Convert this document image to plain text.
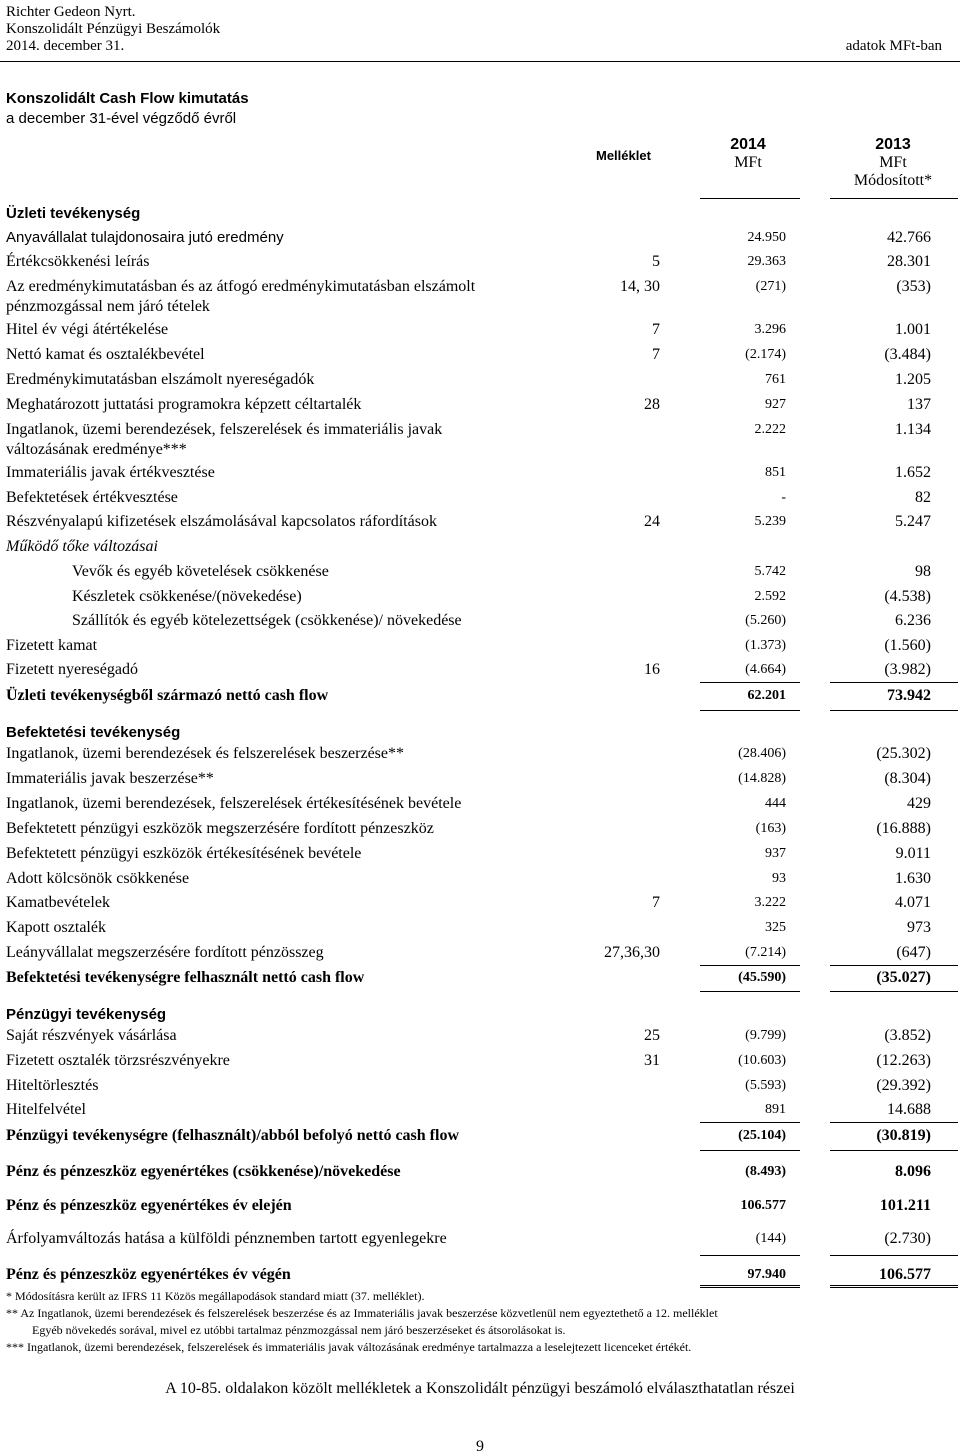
Richter Gedeon Nyrt.
Konszolidált Pénzügyi Beszámolók
2014. december 31.	adatok MFt-ban
Konszolidált Cash Flow kimutatás
a december 31-ével végződő évről
Melléklet
2014
MFt
2013
MFt
Módosított*
Üzleti tevékenység
Anyavállalat tulajdonosaira jutó eredmény	24.950	42.766
Értékcsökkenési leírás	5	29.363	28.301
Az eredménykimutatásban és az átfogó eredménykimutatásban elszámolt
pénzmozgással nem járó tételek
14, 30	(271)	(353)
Hitel év végi átértékelése	7	3.296	1.001
Nettó kamat és osztalékbevétel	7	(2.174)	(3.484)
Eredménykimutatásban elszámolt nyereségadók	761	1.205
Meghatározott juttatási programokra képzett céltartalék	28	927	137
Ingatlanok, üzemi berendezések, felszerelések és immateriális javak
változásának eredménye***
2.222	1.134
Immateriális javak értékvesztése	851	1.652
Befektetések értékvesztése	-	82
Részvényalapú kifizetések elszámolásával kapcsolatos ráfordítások	24	5.239	5.247
Működő tőke változásai
Vevők és egyéb követelések csökkenése	5.742	98
Készletek csökkenése/(növekedése)	2.592	(4.538)
Szállítók és egyéb kötelezettségek (csökkenése)/ növekedése	(5.260)	6.236
Fizetett kamat	(1.373)	(1.560)
Fizetett nyereségadó	16	(4.664)	(3.982)
Üzleti tevékenységből származó nettó cash flow	62.201	73.942
Befektetési tevékenység
Ingatlanok, üzemi berendezések és felszerelések beszerzése**	(28.406)	(25.302)
Immateriális javak beszerzése**	(14.828)	(8.304)
Ingatlanok, üzemi berendezések, felszerelések értékesítésének bevétele	444	429
Befektetett pénzügyi eszközök megszerzésére fordított pénzeszköz	(163)	(16.888)
Befektetett pénzügyi eszközök értékesítésének bevétele	937	9.011
Adott kölcsönök csökkenése	93	1.630
Kamatbevételek	7	3.222	4.071
Kapott osztalék	325	973
Leányvállalat megszerzésére fordított pénzösszeg	27,36,30	(7.214)	(647)
Befektetési tevékenységre felhasznált nettó cash flow	(45.590)	(35.027)
Pénzügyi tevékenység
Saját részvények vásárlása	25	(9.799)	(3.852)
Fizetett osztalék törzsrészvényekre	31	(10.603)	(12.263)
Hiteltörlesztés	(5.593)	(29.392)
Hitelfelvétel	891	14.688
Pénzügyi tevékenységre (felhasznált)/abból befolyó nettó cash flow	(25.104)	(30.819)
Pénz és pénzeszköz egyenértékes (csökkenése)/növekedése	(8.493)	8.096
Pénz és pénzeszköz egyenértékes év elején	106.577	101.211
Árfolyamváltozás hatása a külföldi pénznemben tartott egyenlegekre	(144)	(2.730)
Pénz és pénzeszköz egyenértékes év végén	97.940	106.577
* Módosításra került az IFRS 11 Közös megállapodások standard miatt (37. melléklet).
** Az Ingatlanok, üzemi berendezések és felszerelések beszerzése és az Immateriális javak beszerzése közvetlenül nem egyeztethető a 12. melléklet
Egyéb növekedés sorával, mivel ez utóbbi tartalmaz pénzmozgással nem járó beszerzéseket és átsorolásokat is.
*** Ingatlanok, üzemi berendezések, felszerelések és immateriális javak változásának eredménye tartalmazza a leselejtezett licenceket értékét.
A 10-85. oldalakon közölt mellékletek a Konszolidált pénzügyi beszámoló elválaszthatatlan részei
9
